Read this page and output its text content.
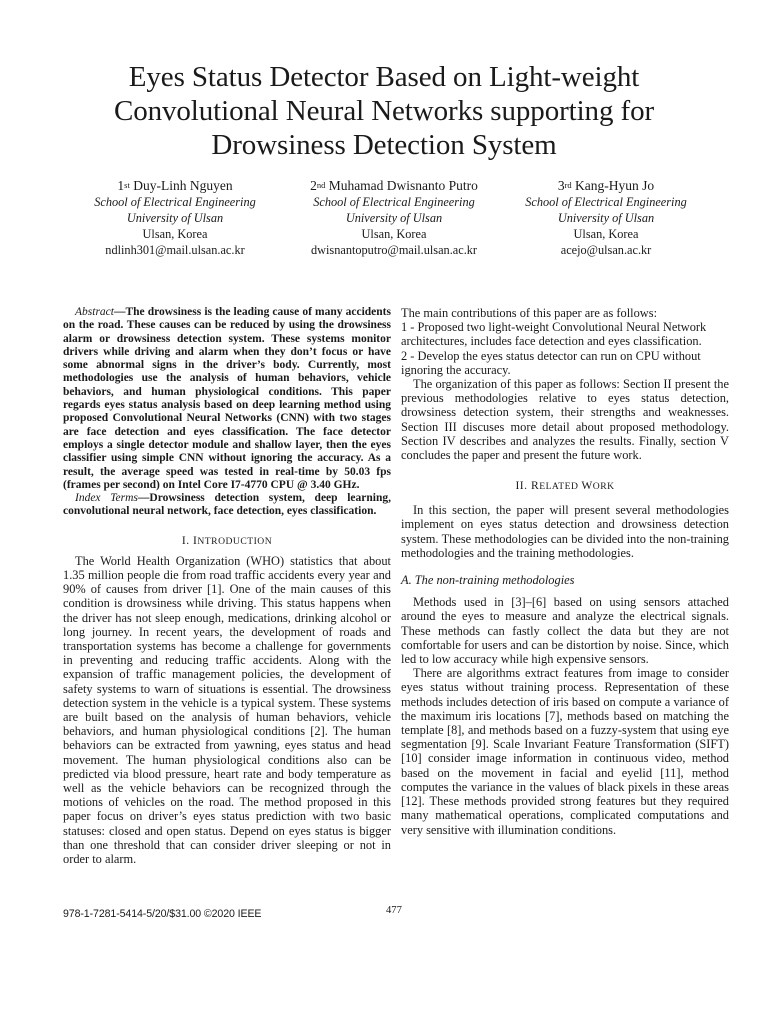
Eyes Status Detector Based on Light-weight
Convolutional Neural Networks supporting for
Drowsiness Detection System
1st Duy-Linh Nguyen
School of Electrical Engineering
University of Ulsan
Ulsan, Korea
ndlinh301@mail.ulsan.ac.kr
2nd Muhamad Dwisnanto Putro
School of Electrical Engineering
University of Ulsan
Ulsan, Korea
dwisnantoputro@mail.ulsan.ac.kr
3rd Kang-Hyun Jo
School of Electrical Engineering
University of Ulsan
Ulsan, Korea
acejo@ulsan.ac.kr

Abstract—The drowsiness is the leading cause of many accidents on the road. These causes can be reduced by using the drowsiness alarm or drowsiness detection system. These systems monitor drivers while driving and alarm when they don’t focus or have some abnormal signs in the driver’s body. Currently, most methodologies use the analysis of human behaviors, vehicle behaviors, and human physiological conditions. This paper regards eyes status analysis based on deep learning method using proposed Convolutional Neural Networks (CNN) with two stages are face detection and eyes classification. The face detector employs a single detector module and shallow layer, then the eyes classifier using simple CNN without ignoring the accuracy. As a result, the average speed was tested in real-time by 50.03 fps (frames per second) on Intel Core I7-4770 CPU @ 3.40 GHz.

Index Terms—Drowsiness detection system, deep learning, convolutional neural network, face detection, eyes classification.

I. INTRODUCTION

The World Health Organization (WHO) statistics that about 1.35 million people die from road traffic accidents every year and 90% of causes from driver [1]. One of the main causes of this condition is drowsiness while driving. This status happens when the driver has not sleep enough, medications, drinking alcohol or long journey. In recent years, the development of roads and transportation systems has become a challenge for governments in preventing and reducing traffic accidents. Along with the expansion of traffic management policies, the development of safety systems to warn of situations is essential. The drowsiness detection system in the vehicle is a typical system. These systems are built based on the analysis of human behaviors, vehicle behaviors, and human physiological conditions [2]. The human behaviors can be extracted from yawning, eyes status and head movement. The human physiological conditions also can be predicted via blood pressure, heart rate and body temperature as well as the vehicle behaviors can be recognized through the motions of vehicles on the road. The method proposed in this paper focus on driver’s eyes status prediction with two basic statuses: closed and open status. Depend on eyes status is bigger than one threshold that can consider driver sleeping or not in order to alarm.

The main contributions of this paper are as follows:

1 - Proposed two light-weight Convolutional Neural Network architectures, includes face detection and eyes classification.

2 - Develop the eyes status detector can run on CPU without ignoring the accuracy.

The organization of this paper as follows: Section II present the previous methodologies relative to eyes status detection, drowsiness detection system, their strengths and weaknesses. Section III discuses more detail about proposed methodology. Section IV describes and analyzes the results. Finally, section V concludes the paper and present the future work.

II. RELATED WORK

In this section, the paper will present several methodologies implement on eyes status detection and drowsiness detection system. These methodologies can be divided into the non-training methodologies and the training methodologies.

A. The non-training methodologies

Methods used in [3]–[6] based on using sensors attached around the eyes to measure and analyze the electrical signals. These methods can fastly collect the data but they are not comfortable for users and can be distortion by noise. Since, which led to low accuracy while high expensive sensors.

There are algorithms extract features from image to consider eyes status without training process. Representation of these methods includes detection of iris based on compute a variance of the maximum iris locations [7], methods based on matching the template [8], and methods based on a fuzzy-system that using eye segmentation [9]. Scale Invariant Feature Transformation (SIFT) [10] consider image information in continuous video, method based on the movement in facial and eyelid [11], method computes the variance in the values of black pixels in these areas [12]. These methods provided strong features but they required many mathematical operations, complicated computations and very sensitive with illumination conditions.

978-1-7281-5414-5/20/$31.00 ©2020 IEEE	477
